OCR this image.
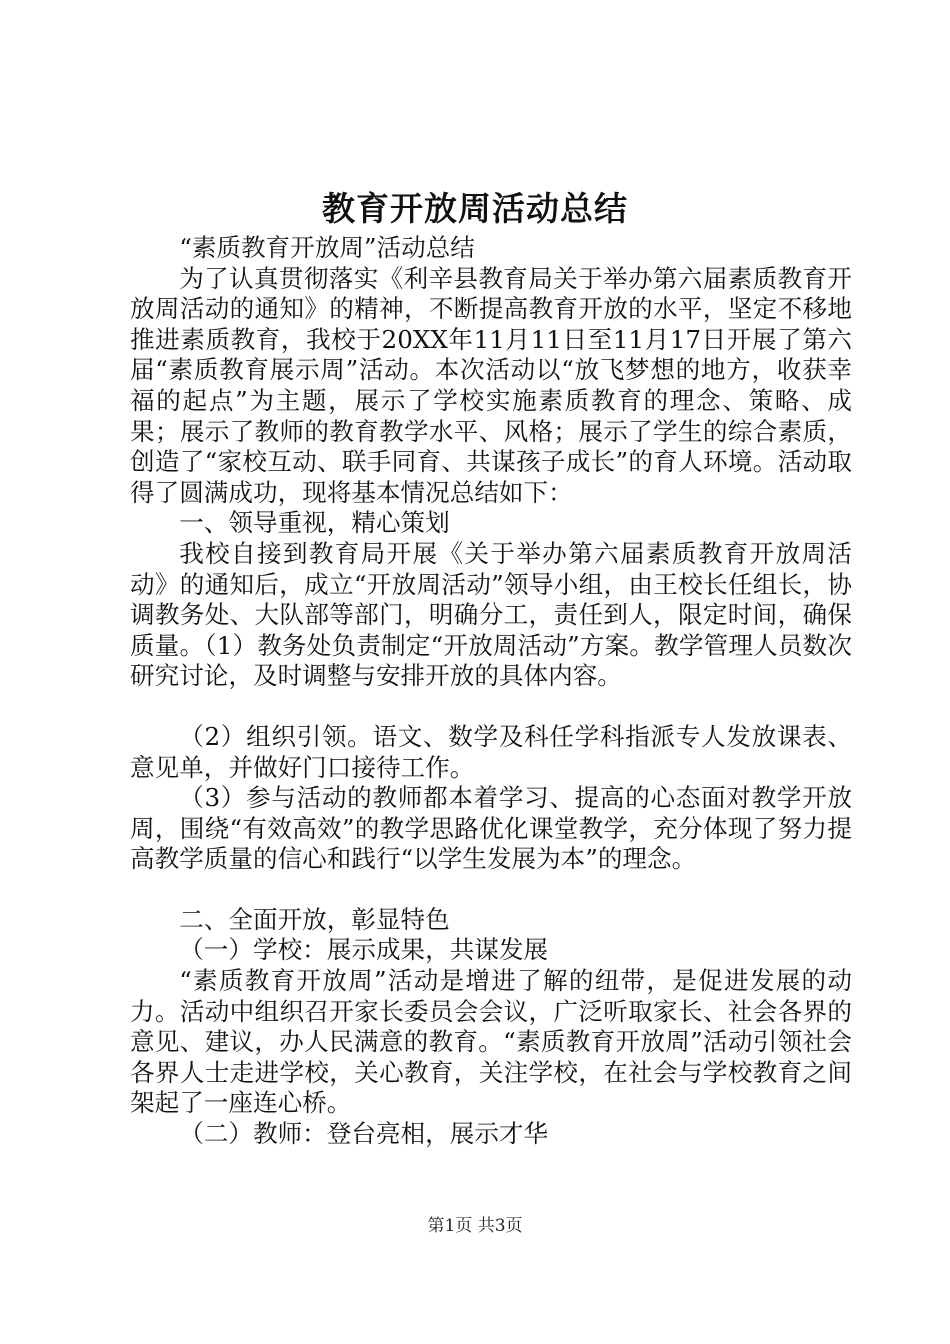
教育开放周活动总结

“素质教育开放周”活动总结

为了认真贯彻落实《利辛县教育局关于举办第六届素质教育开放周活动的通知》的精神，不断提高教育开放的水平，坚定不移地推进素质教育，我校于20XX年11月11日至11月17日开展了第六届“素质教育展示周”活动。本次活动以“放飞梦想的地方，收获幸福的起点”为主题，展示了学校实施素质教育的理念、策略、成果；展示了教师的教育教学水平、风格；展示了学生的综合素质，创造了“家校互动、联手同育、共谋孩子成长”的育人环境。活动取得了圆满成功，现将基本情况总结如下：

一、领导重视，精心策划

我校自接到教育局开展《关于举办第六届素质教育开放周活动》的通知后，成立“开放周活动”领导小组，由王校长任组长，协调教务处、大队部等部门，明确分工，责任到人，限定时间，确保质量。（1）教务处负责制定“开放周活动”方案。教学管理人员数次研究讨论，及时调整与安排开放的具体内容。

（2）组织引领。语文、数学及科任学科指派专人发放课表、意见单，并做好门口接待工作。

（3）参与活动的教师都本着学习、提高的心态面对教学开放周，围绕“有效高效”的教学思路优化课堂教学，充分体现了努力提高教学质量的信心和践行“以学生发展为本”的理念。

二、全面开放，彰显特色

（一）学校：展示成果，共谋发展

“素质教育开放周”活动是增进了解的纽带，是促进发展的动力。活动中组织召开家长委员会会议，广泛听取家长、社会各界的意见、建议，办人民满意的教育。“素质教育开放周”活动引领社会各界人士走进学校，关心教育，关注学校，在社会与学校教育之间架起了一座连心桥。

（二）教师：登台亮相，展示才华

第1页 共3页
